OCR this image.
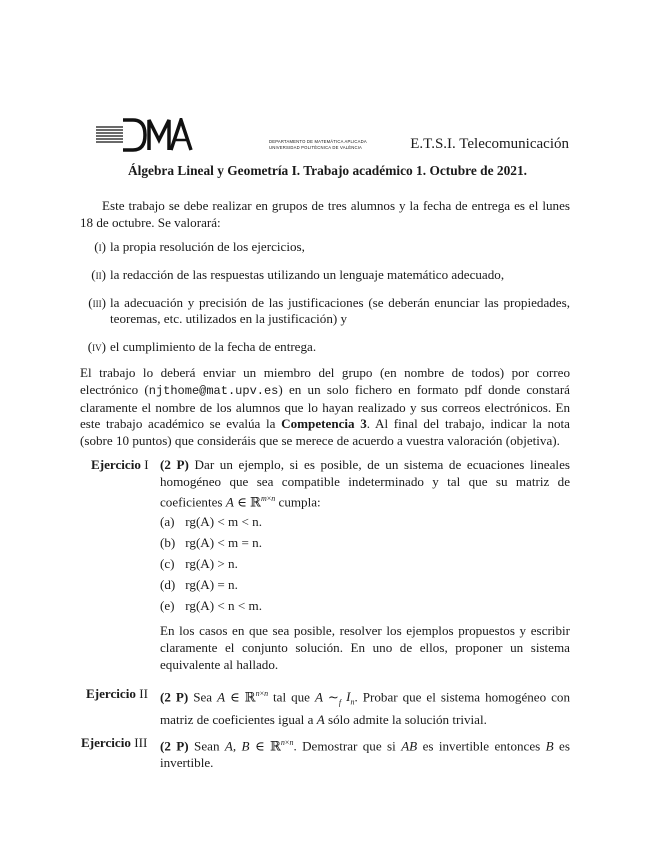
DEPARTAMENTO DE MATEMÁTICA APLICADA
UNIVERSIDAD POLITÈCNICA DE VALÈNCIA	E.T.S.I. Telecomunicación
Álgebra Lineal y Geometría I. Trabajo académico 1. Octubre de 2021.
Este trabajo se debe realizar en grupos de tres alumnos y la fecha de entrega es el lunes 18 de octubre. Se valorará:
(i) la propia resolución de los ejercicios,
(ii) la redacción de las respuestas utilizando un lenguaje matemático adecuado,
(iii) la adecuación y precisión de las justificaciones (se deberán enunciar las propiedades, teoremas, etc. utilizados en la justificación) y
(iv) el cumplimiento de la fecha de entrega.
El trabajo lo deberá enviar un miembro del grupo (en nombre de todos) por correo electrónico (njthome@mat.upv.es) en un solo fichero en formato pdf donde constará claramente el nombre de los alumnos que lo hayan realizado y sus correos electrónicos. En este trabajo académico se evalúa la Competencia 3. Al final del trabajo, indicar la nota (sobre 10 puntos) que consideráis que se merece de acuerdo a vuestra valoración (objetiva).
Ejercicio I (2 P) Dar un ejemplo, si es posible, de un sistema de ecuaciones lineales homogéneo que sea compatible indeterminado y tal que su matriz de coeficientes A ∈ ℝ$^{m\times n}$ cumpla:
(a) rg(A) < m < n.
(b) rg(A) < m = n.
(c) rg(A) > n.
(d) rg(A) = n.
(e) rg(A) < n < m.
En los casos en que sea posible, resolver los ejemplos propuestos y escribir claramente el conjunto solución. En uno de ellos, proponer un sistema equivalente al hallado.
Ejercicio II (2 P) Sea A ∈ ℝ$^{n\times n}$ tal que A $\sim_f$ $I_n$. Probar que el sistema homogéneo con matriz de coeficientes igual a A sólo admite la solución trivial.
Ejercicio III (2 P) Sean A, B ∈ ℝ$^{n\times n}$. Demostrar que si AB es invertible entonces B es invertible.
